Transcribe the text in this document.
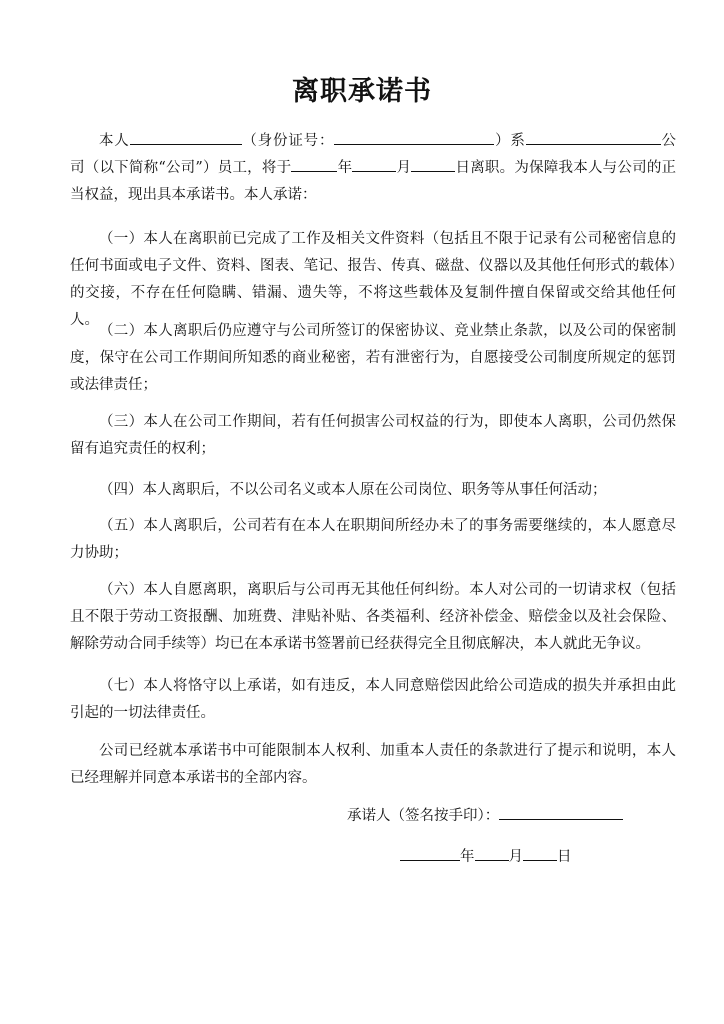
离职承诺书

本人	（身份证号：	）系	公司（以下简称“公司”）员工，将于	年	月	日离职。为保障我本人与公司的正当权益，现出具本承诺书。本人承诺：

（一）本人在离职前已完成了工作及相关文件资料（包括且不限于记录有公司秘密信息的任何书面或电子文件、资料、图表、笔记、报告、传真、磁盘、仪器以及其他任何形式的载体）的交接，不存在任何隐瞒、错漏、遗失等，不将这些载体及复制件擅自保留或交给其他任何人。

（二）本人离职后仍应遵守与公司所签订的保密协议、竞业禁止条款，以及公司的保密制度，保守在公司工作期间所知悉的商业秘密，若有泄密行为，自愿接受公司制度所规定的惩罚或法律责任；

（三）本人在公司工作期间，若有任何损害公司权益的行为，即使本人离职，公司仍然保留有追究责任的权利；

（四）本人离职后，不以公司名义或本人原在公司岗位、职务等从事任何活动；

（五）本人离职后，公司若有在本人在职期间所经办未了的事务需要继续的，本人愿意尽力协助；

（六）本人自愿离职，离职后与公司再无其他任何纠纷。本人对公司的一切请求权（包括且不限于劳动工资报酬、加班费、津贴补贴、各类福利、经济补偿金、赔偿金以及社会保险、解除劳动合同手续等）均已在本承诺书签署前已经获得完全且彻底解决，本人就此无争议。

（七）本人将恪守以上承诺，如有违反，本人同意赔偿因此给公司造成的损失并承担由此引起的一切法律责任。

公司已经就本承诺书中可能限制本人权利、加重本人责任的条款进行了提示和说明，本人已经理解并同意本承诺书的全部内容。

承诺人（签名按手印）：
年 月 日
